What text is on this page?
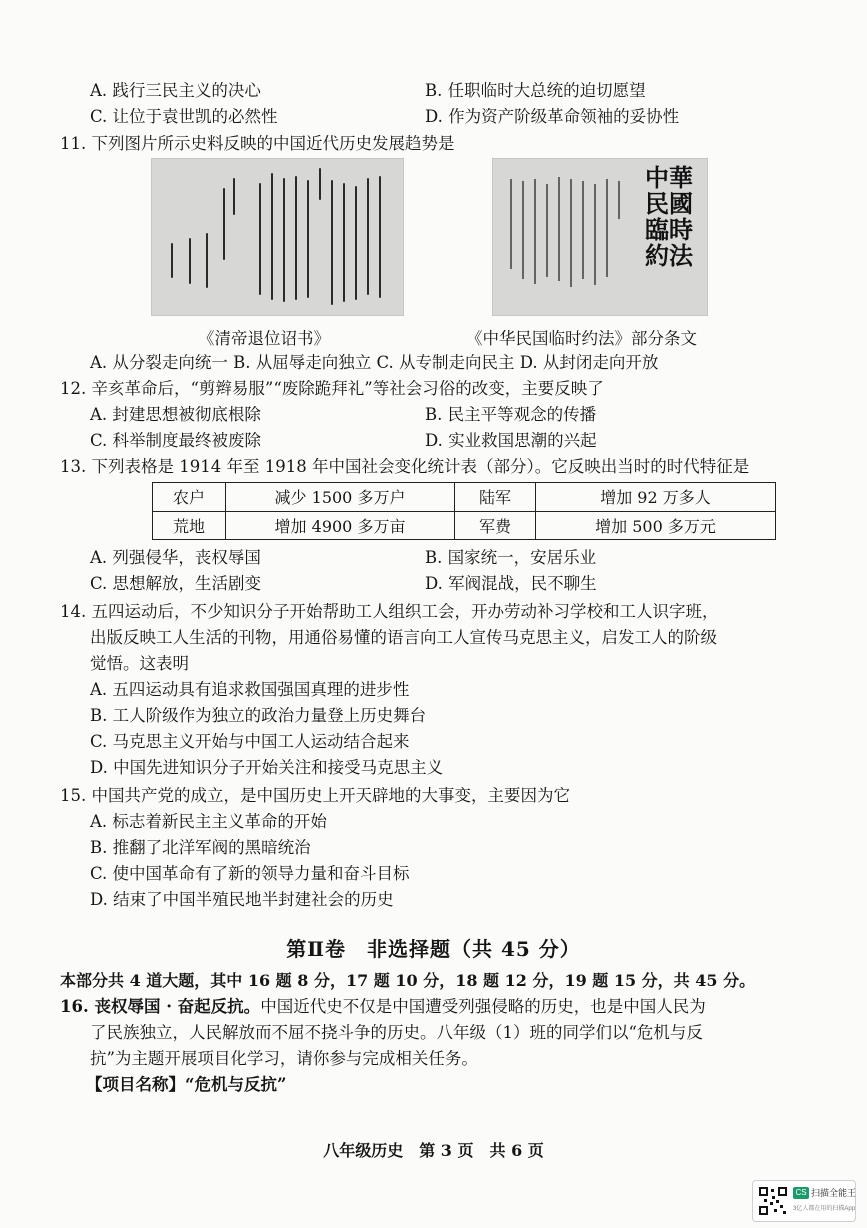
A. 践行三民主义的决心	B. 任职临时大总统的迫切愿望
C. 让位于袁世凯的必然性	D. 作为资产阶级革命领袖的妥协性
11. 下列图片所示史料反映的中国近代历史发展趋势是
《清帝退位诏书》
中華民國臨時約法
《中华民国临时约法》部分条文
A. 从分裂走向统一 B. 从屈辱走向独立 C. 从专制走向民主 D. 从封闭走向开放
12. 辛亥革命后，“剪辫易服”“废除跪拜礼”等社会习俗的改变，主要反映了
A. 封建思想被彻底根除	B. 民主平等观念的传播
C. 科举制度最终被废除	D. 实业救国思潮的兴起
13. 下列表格是 1914 年至 1918 年中国社会变化统计表（部分）。它反映出当时的时代特征是
农户	减少 1500 多万户	陆军	增加 92 万多人
荒地	增加 4900 多万亩	军费	增加 500 多万元
A. 列强侵华，丧权辱国	B. 国家统一，安居乐业
C. 思想解放，生活剧变	D. 军阀混战，民不聊生
14. 五四运动后，不少知识分子开始帮助工人组织工会，开办劳动补习学校和工人识字班，
出版反映工人生活的刊物，用通俗易懂的语言向工人宣传马克思主义，启发工人的阶级
觉悟。这表明
A. 五四运动具有追求救国强国真理的进步性
B. 工人阶级作为独立的政治力量登上历史舞台
C. 马克思主义开始与中国工人运动结合起来
D. 中国先进知识分子开始关注和接受马克思主义
15. 中国共产党的成立，是中国历史上开天辟地的大事变，主要因为它
A. 标志着新民主主义革命的开始
B. 推翻了北洋军阀的黑暗统治
C. 使中国革命有了新的领导力量和奋斗目标
D. 结束了中国半殖民地半封建社会的历史
第Ⅱ卷　非选择题（共 45 分）
本部分共 4 道大题，其中 16 题 8 分，17 题 10 分，18 题 12 分，19 题 15 分，共 45 分。
16. 丧权辱国 · 奋起反抗。中国近代史不仅是中国遭受列强侵略的历史，也是中国人民为
了民族独立，人民解放而不屈不挠斗争的历史。八年级（1）班的同学们以“危机与反
抗”为主题开展项目化学习，请你参与完成相关任务。
【项目名称】“危机与反抗”
八年级历史　第 3 页　共 6 页
CS 扫描全能王
3亿人都在用的扫描App
